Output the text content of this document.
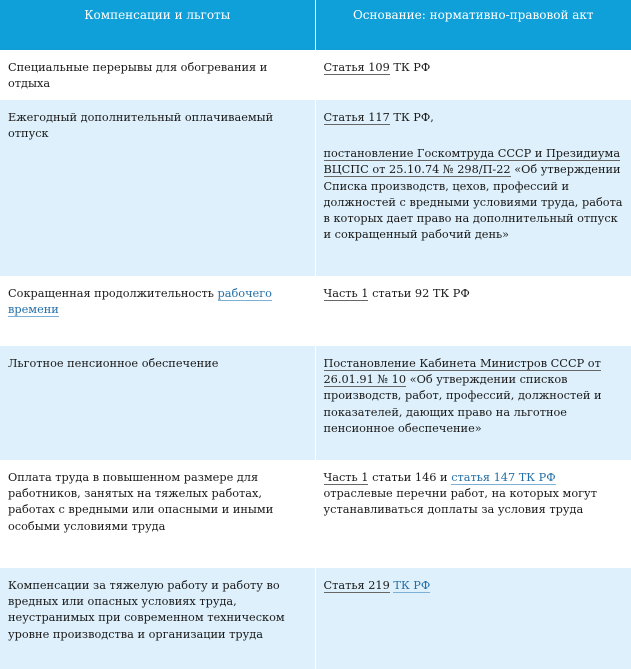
Компенсации и льготы	Основание: нормативно-правовой акт
Специальные перерывы для обогревания и отдыха	Статья 109 ТК РФ
Ежегодный дополнительный оплачиваемый отпуск	Статья 117 ТК РФ,
постановление Госкомтруда СССР и Президиума ВЦСПС от 25.10.74 № 298/П-22 «Об утверждении Списка производств, цехов, профессий и должностей с вредными условиями труда, работа в которых дает право на дополнительный отпуск и сокращенный рабочий день»

Сокращенная продолжительность рабочего времени	Часть 1 статьи 92 ТК РФ
Льготное пенсионное обеспечение	Постановление Кабинета Министров СССР от 26.01.91 № 10 «Об утверждении списков производств, работ, профессий, должностей и показателей, дающих право на льготное пенсионное обеспечение»
Оплата труда в повышенном размере для работников, занятых на тяжелых работах, работах с вредными или опасными и иными особыми условиями труда	Часть 1 статьи 146 и статья 147 ТК РФ отраслевые перечни работ, на которых могут устанавливаться доплаты за условия труда
Компенсации за тяжелую работу и работу во вредных или опасных условиях труда, неустранимых при современном техническом уровне производства и организации труда	Статья 219 ТК РФ
